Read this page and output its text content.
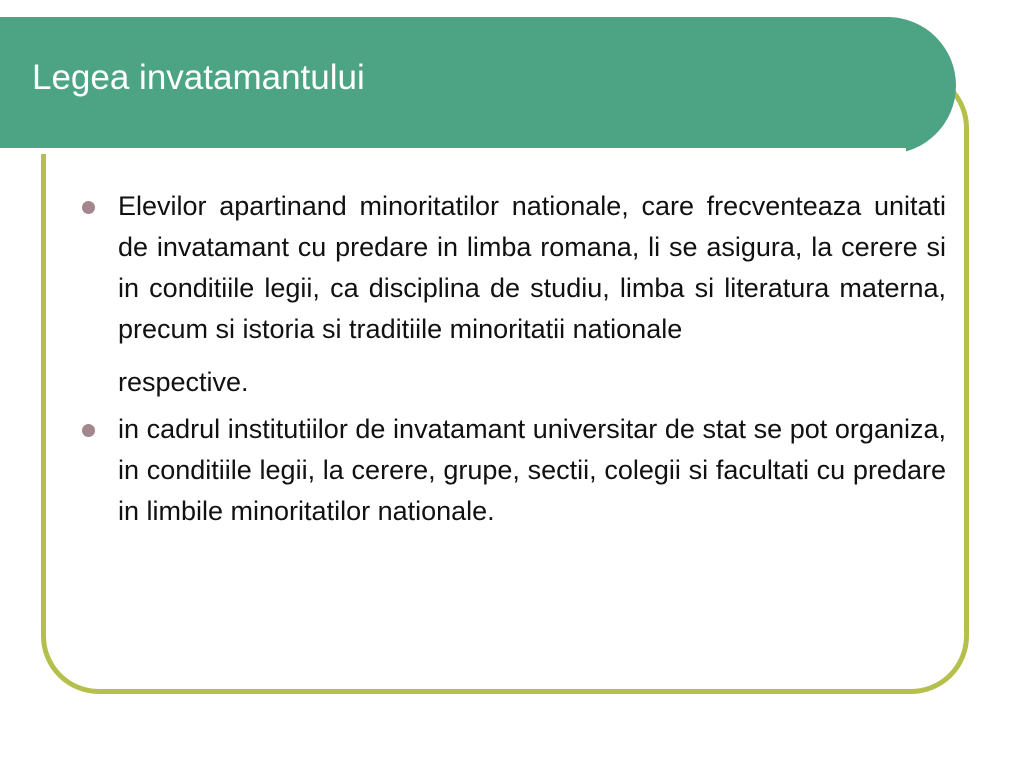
Legea invatamantului
Elevilor apartinand minoritatilor nationale, care frecventeaza unitati de invatamant cu predare in limba romana, li se asigura, la cerere si in conditiile legii, ca disciplina de studiu, limba si literatura materna, precum si istoria si traditiile minoritatii nationale
respective.
in cadrul institutiilor de invatamant universitar de stat se pot organiza, in conditiile legii, la cerere, grupe, sectii, colegii si facultati cu predare in limbile minoritatilor nationale.
